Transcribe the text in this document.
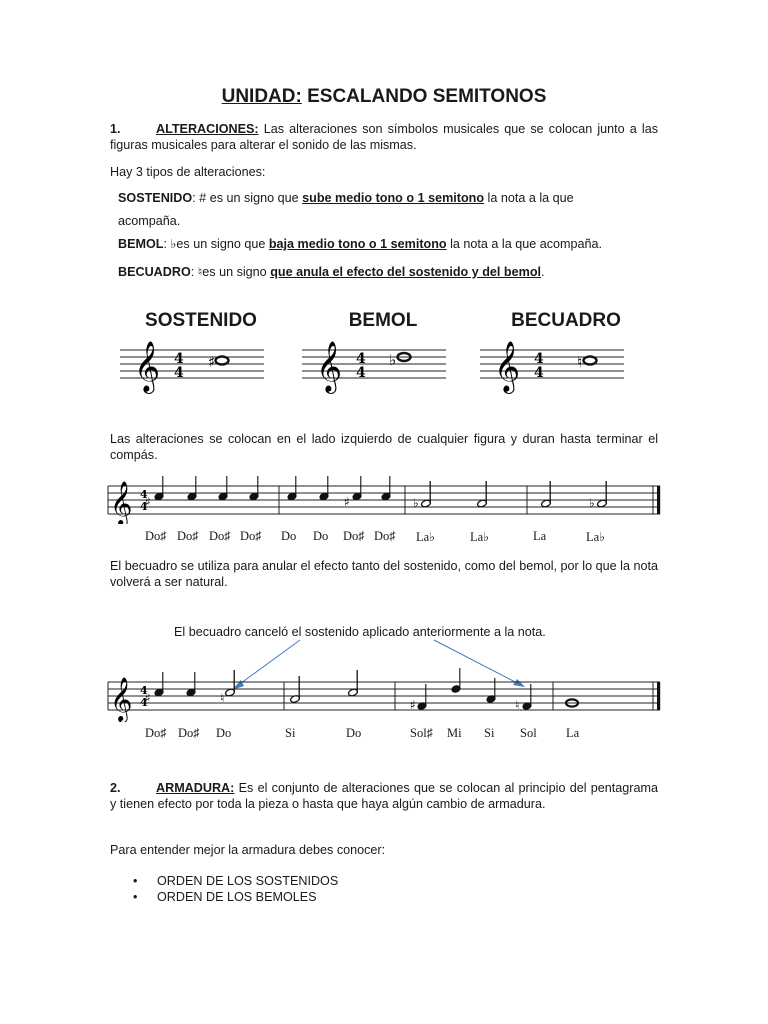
UNIDAD: ESCALANDO SEMITONOS
1.	ALTERACIONES: Las alteraciones son símbolos musicales que se colocan junto a las figuras musicales para alterar el sonido de las mismas.
Hay 3 tipos de alteraciones:
SOSTENIDO: # es un signo que sube medio tono o 1 semitono la nota a la que
acompaña.
BEMOL: ♭es un signo que baja medio tono o 1 semitono la nota a la que acompaña.
BECUADRO: ♮es un signo que anula el efecto del sostenido y del bemol.
SOSTENIDO	BEMOL	BECUADRO
𝄞 4
4
♯ 𝄞 4
4
♭ 𝄞 4
4
♮
Las alteraciones se colocan en el lado izquierdo de cualquier figura y duran hasta terminar el compás.
𝄞 4
4
♯	♯	♭	♭
Do♯ Do♯ Do♯ Do♯ Do Do Do♯ Do♯ La♭	La♭	La	La♭
El becuadro se utiliza para anular el efecto tanto del sostenido, como del bemol, por lo que la nota volverá a ser natural.
El becuadro canceló el sostenido aplicado anteriormente a la nota.
𝄞 4
4
♯	♮	♯	♮
Do♯ Do♯ Do	Si	Do	Sol♯ Mi Si Sol La
2.	ARMADURA: Es el conjunto de alteraciones que se colocan al principio del pentagrama y tienen efecto por toda la pieza o hasta que haya algún cambio de armadura.
Para entender mejor la armadura debes conocer:
• ORDEN DE LOS SOSTENIDOS
• ORDEN DE LOS BEMOLES
